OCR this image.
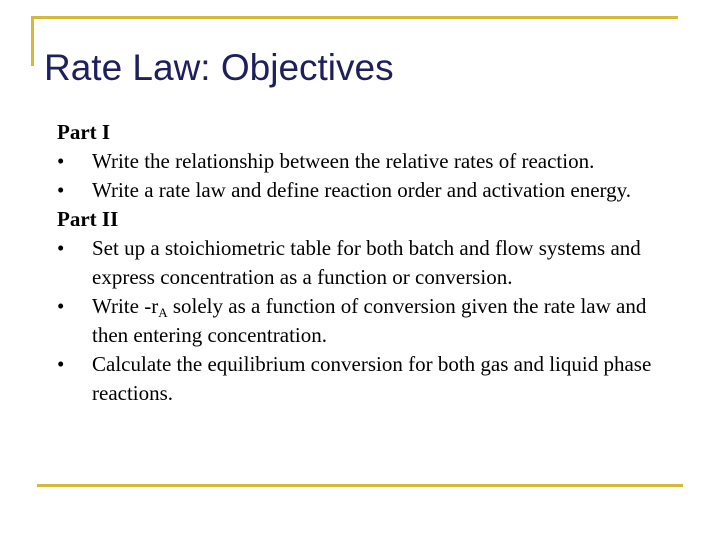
Rate Law: Objectives
Part I
• Write the relationship between the relative rates of reaction.
• Write a rate law and define reaction order and activation energy.
Part II
• Set up a stoichiometric table for both batch and flow systems and express concentration as a function or conversion.
• Write $-r_A$ solely as a function of conversion given the rate law and then entering concentration.
• Calculate the equilibrium conversion for both gas and liquid phase reactions.
